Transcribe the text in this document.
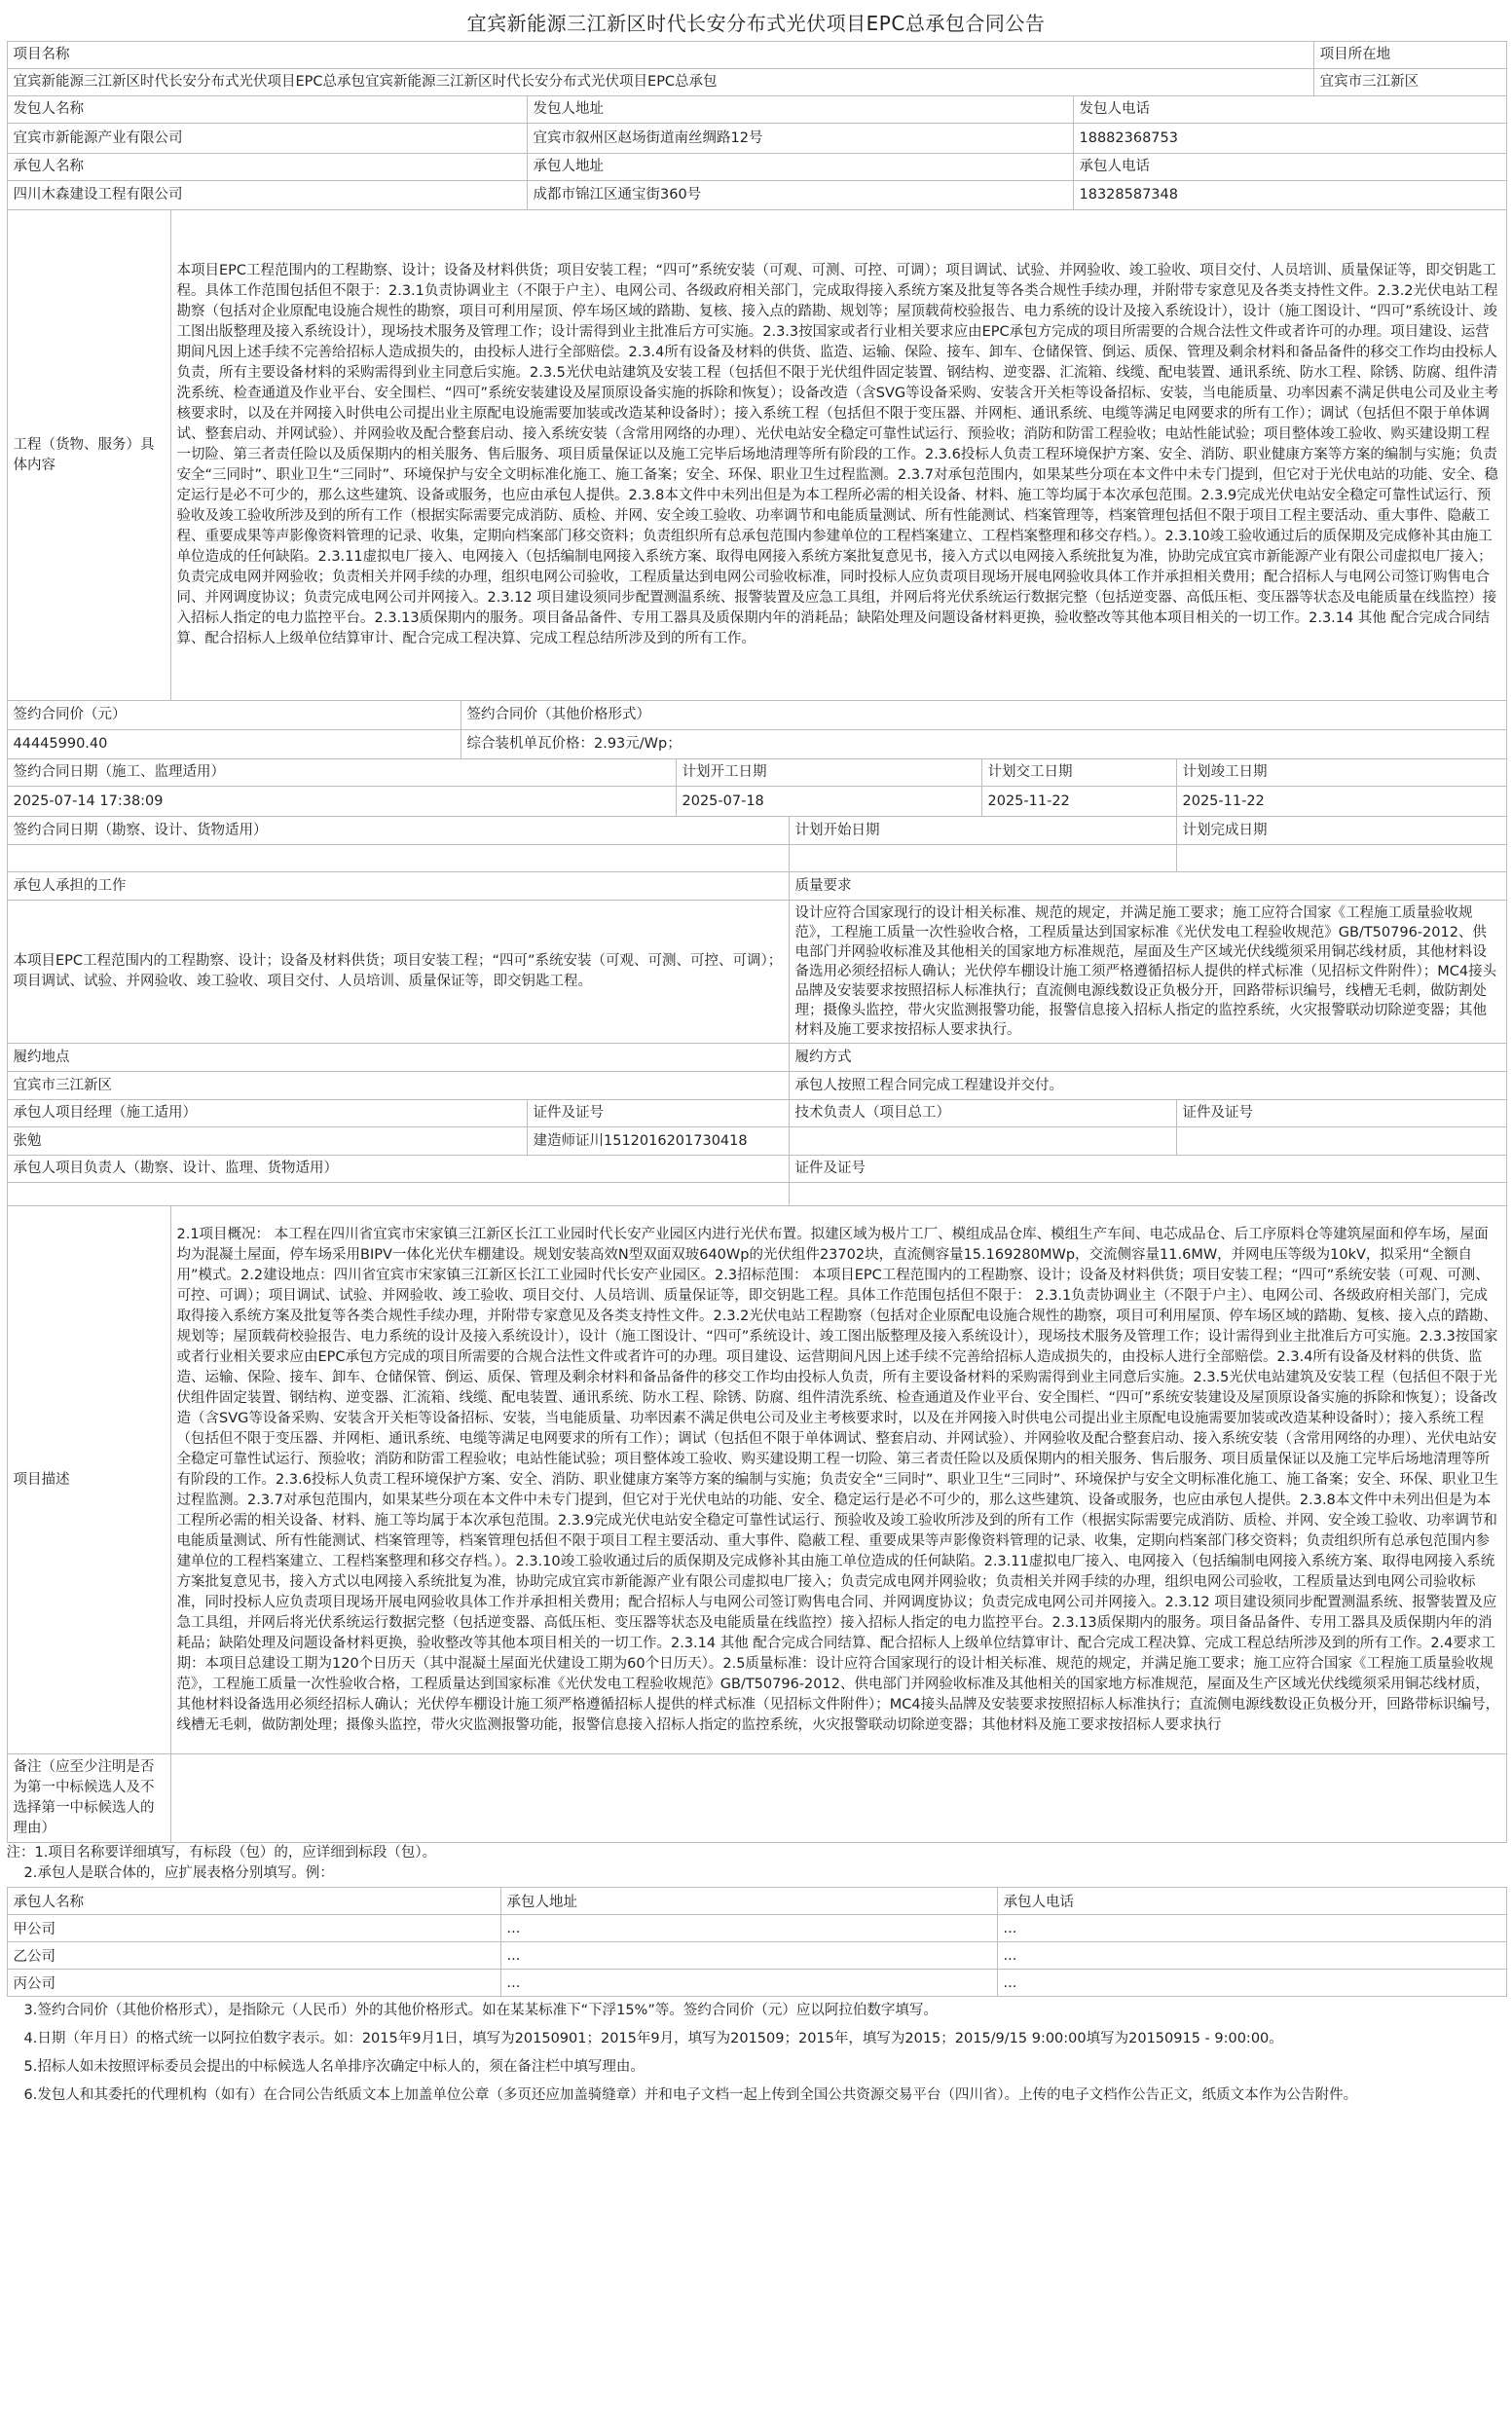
宜宾新能源三江新区时代长安分布式光伏项目EPC总承包合同公告
项目名称									项目所在地
宜宾新能源三江新区时代长安分布式光伏项目EPC总承包宜宾新能源三江新区时代长安分布式光伏项目EPC总承包									宜宾市三江新区
发包人名称			发包人地址				发包人电话		
宜宾市新能源产业有限公司			宜宾市叙州区赵场街道南丝绸路12号				18882368753		
承包人名称			承包人地址				承包人电话		
四川木森建设工程有限公司			成都市锦江区通宝街360号				18328587348		
工程（货物、服务）具体内容	本项目EPC工程范围内的工程勘察、设计；设备及材料供货；项目安装工程；“四可”系统安装（可观、可测、可控、可调）；项目调试、试验、并网验收、竣工验收、项目交付、人员培训、质量保证等，即交钥匙工程。具体工作范围包括但不限于：2.3.1负责协调业主（不限于户主）、电网公司、各级政府相关部门，完成取得接入系统方案及批复等各类合规性手续办理，并附带专家意见及各类支持性文件。2.3.2光伏电站工程勘察（包括对企业原配电设施合规性的勘察，项目可利用屋顶、停车场区域的踏勘、复核、接入点的踏勘、规划等；屋顶载荷校验报告、电力系统的设计及接入系统设计），设计（施工图设计、“四可”系统设计、竣工图出版整理及接入系统设计），现场技术服务及管理工作；设计需得到业主批准后方可实施。2.3.3按国家或者行业相关要求应由EPC承包方完成的项目所需要的合规合法性文件或者许可的办理。项目建设、运营期间凡因上述手续不完善给招标人造成损失的，由投标人进行全部赔偿。2.3.4所有设备及材料的供货、监造、运输、保险、接车、卸车、仓储保管、倒运、质保、管理及剩余材料和备品备件的移交工作均由投标人负责，所有主要设备材料的采购需得到业主同意后实施。2.3.5光伏电站建筑及安装工程（包括但不限于光伏组件固定装置、钢结构、逆变器、汇流箱、线缆、配电装置、通讯系统、防水工程、除锈、防腐、组件清洗系统、检查通道及作业平台、安全围栏、“四可”系统安装建设及屋顶原设备实施的拆除和恢复）；设备改造（含SVG等设备采购、安装含开关柜等设备招标、安装，当电能质量、功率因素不满足供电公司及业主考核要求时，以及在并网接入时供电公司提出业主原配电设施需要加装或改造某种设备时）；接入系统工程（包括但不限于变压器、并网柜、通讯系统、电缆等满足电网要求的所有工作）；调试（包括但不限于单体调试、整套启动、并网试验）、并网验收及配合整套启动、接入系统安装（含常用网络的办理）、光伏电站安全稳定可靠性试运行、预验收；消防和防雷工程验收；电站性能试验；项目整体竣工验收、购买建设期工程一切险、第三者责任险以及质保期内的相关服务、售后服务、项目质量保证以及施工完毕后场地清理等所有阶段的工作。2.3.6投标人负责工程环境保护方案、安全、消防、职业健康方案等方案的编制与实施；负责安全“三同时”、职业卫生“三同时”、环境保护与安全文明标准化施工、施工备案；安全、环保、职业卫生过程监测。2.3.7对承包范围内，如果某些分项在本文件中未专门提到，但它对于光伏电站的功能、安全、稳定运行是必不可少的，那么这些建筑、设备或服务，也应由承包人提供。2.3.8本文件中未列出但是为本工程所必需的相关设备、材料、施工等均属于本次承包范围。2.3.9完成光伏电站安全稳定可靠性试运行、预验收及竣工验收所涉及到的所有工作（根据实际需要完成消防、质检、并网、安全竣工验收、功率调节和电能质量测试、所有性能测试、档案管理等，档案管理包括但不限于项目工程主要活动、重大事件、隐蔽工程、重要成果等声影像资料管理的记录、收集，定期向档案部门移交资料；负责组织所有总承包范围内参建单位的工程档案建立、工程档案整理和移交存档。）。2.3.10竣工验收通过后的质保期及完成修补其由施工单位造成的任何缺陷。2.3.11虚拟电厂接入、电网接入（包括编制电网接入系统方案、取得电网接入系统方案批复意见书，接入方式以电网接入系统批复为准，协助完成宜宾市新能源产业有限公司虚拟电厂接入；负责完成电网并网验收；负责相关并网手续的办理，组织电网公司验收，工程质量达到电网公司验收标准，同时投标人应负责项目现场开展电网验收具体工作并承担相关费用；配合招标人与电网公司签订购售电合同、并网调度协议；负责完成电网公司并网接入。2.3.12 项目建设须同步配置测温系统、报警装置及应急工具组，并网后将光伏系统运行数据完整（包括逆变器、高低压柜、变压器等状态及电能质量在线监控）接入招标人指定的电力监控平台。2.3.13质保期内的服务。项目备品备件、专用工器具及质保期内年的消耗品；缺陷处理及问题设备材料更换，验收整改等其他本项目相关的一切工作。2.3.14 其他 配合完成合同结算、配合招标人上级单位结算审计、配合完成工程决算、完成工程总结所涉及到的所有工作。								
签约合同价（元）		签约合同价（其他价格形式）							
44445990.40		综合装机单瓦价格：2.93元/Wp；							
签约合同日期（施工、监理适用）				计划开工日期		计划交工日期		计划竣工日期	
2025-07-14 17:38:09				2025-07-18		2025-11-22		2025-11-22	
签约合同日期（勘察、设计、货物适用）					计划开始日期			计划完成日期	

承包人承担的工作					质量要求				
本项目EPC工程范围内的工程勘察、设计；设备及材料供货；项目安装工程；“四可”系统安装（可观、可测、可控、可调）；项目调试、试验、并网验收、竣工验收、项目交付、人员培训、质量保证等，即交钥匙工程。					设计应符合国家现行的设计相关标准、规范的规定，并满足施工要求；施工应符合国家《工程施工质量验收规范》，工程施工质量一次性验收合格，工程质量达到国家标准《光伏发电工程验收规范》GB/T50796-2012、供电部门并网验收标准及其他相关的国家地方标准规范，屋面及生产区域光伏线缆须采用铜芯线材质，其他材料设备选用必须经招标人确认；光伏停车棚设计施工须严格遵循招标人提供的样式标准（见招标文件附件）；MC4接头品牌及安装要求按照招标人标准执行；直流侧电源线数设正负极分开，回路带标识编号，线槽无毛刺，做防割处理；摄像头监控，带火灾监测报警功能，报警信息接入招标人指定的监控系统，火灾报警联动切除逆变器；其他材料及施工要求按招标人要求执行。				
履约地点					履约方式				
宜宾市三江新区					承包人按照工程合同完成工程建设并交付。				
承包人项目经理（施工适用）			证件及证号		技术负责人（项目总工）			证件及证号	
张勉			建造师证川1512016201730418						
承包人项目负责人（勘察、设计、监理、货物适用）					证件及证号				

项目描述	2.1项目概况： 本工程在四川省宜宾市宋家镇三江新区长江工业园时代长安产业园区内进行光伏布置。拟建区域为极片工厂、模组成品仓库、模组生产车间、电芯成品仓、后工序原料仓等建筑屋面和停车场，屋面均为混凝土屋面，停车场采用BIPV一体化光伏车棚建设。规划安装高效N型双面双玻640Wp的光伏组件23702块，直流侧容量15.169280MWp，交流侧容量11.6MW，并网电压等级为10kV，拟采用“全额自用”模式。2.2建设地点：四川省宜宾市宋家镇三江新区长江工业园时代长安产业园区。2.3招标范围： 本项目EPC工程范围内的工程勘察、设计；设备及材料供货；项目安装工程；“四可”系统安装（可观、可测、可控、可调）；项目调试、试验、并网验收、竣工验收、项目交付、人员培训、质量保证等，即交钥匙工程。具体工作范围包括但不限于： 2.3.1负责协调业主（不限于户主）、电网公司、各级政府相关部门，完成取得接入系统方案及批复等各类合规性手续办理，并附带专家意见及各类支持性文件。2.3.2光伏电站工程勘察（包括对企业原配电设施合规性的勘察，项目可利用屋顶、停车场区域的踏勘、复核、接入点的踏勘、规划等；屋顶载荷校验报告、电力系统的设计及接入系统设计），设计（施工图设计、“四可”系统设计、竣工图出版整理及接入系统设计），现场技术服务及管理工作；设计需得到业主批准后方可实施。2.3.3按国家或者行业相关要求应由EPC承包方完成的项目所需要的合规合法性文件或者许可的办理。项目建设、运营期间凡因上述手续不完善给招标人造成损失的，由投标人进行全部赔偿。2.3.4所有设备及材料的供货、监造、运输、保险、接车、卸车、仓储保管、倒运、质保、管理及剩余材料和备品备件的移交工作均由投标人负责，所有主要设备材料的采购需得到业主同意后实施。2.3.5光伏电站建筑及安装工程（包括但不限于光伏组件固定装置、钢结构、逆变器、汇流箱、线缆、配电装置、通讯系统、防水工程、除锈、防腐、组件清洗系统、检查通道及作业平台、安全围栏、“四可”系统安装建设及屋顶原设备实施的拆除和恢复）；设备改造（含SVG等设备采购、安装含开关柜等设备招标、安装，当电能质量、功率因素不满足供电公司及业主考核要求时，以及在并网接入时供电公司提出业主原配电设施需要加装或改造某种设备时）；接入系统工程（包括但不限于变压器、并网柜、通讯系统、电缆等满足电网要求的所有工作）；调试（包括但不限于单体调试、整套启动、并网试验）、并网验收及配合整套启动、接入系统安装（含常用网络的办理）、光伏电站安全稳定可靠性试运行、预验收；消防和防雷工程验收；电站性能试验；项目整体竣工验收、购买建设期工程一切险、第三者责任险以及质保期内的相关服务、售后服务、项目质量保证以及施工完毕后场地清理等所有阶段的工作。2.3.6投标人负责工程环境保护方案、安全、消防、职业健康方案等方案的编制与实施；负责安全“三同时”、职业卫生“三同时”、环境保护与安全文明标准化施工、施工备案；安全、环保、职业卫生过程监测。2.3.7对承包范围内，如果某些分项在本文件中未专门提到，但它对于光伏电站的功能、安全、稳定运行是必不可少的，那么这些建筑、设备或服务，也应由承包人提供。2.3.8本文件中未列出但是为本工程所必需的相关设备、材料、施工等均属于本次承包范围。2.3.9完成光伏电站安全稳定可靠性试运行、预验收及竣工验收所涉及到的所有工作（根据实际需要完成消防、质检、并网、安全竣工验收、功率调节和电能质量测试、所有性能测试、档案管理等，档案管理包括但不限于项目工程主要活动、重大事件、隐蔽工程、重要成果等声影像资料管理的记录、收集，定期向档案部门移交资料；负责组织所有总承包范围内参建单位的工程档案建立、工程档案整理和移交存档。）。2.3.10竣工验收通过后的质保期及完成修补其由施工单位造成的任何缺陷。2.3.11虚拟电厂接入、电网接入（包括编制电网接入系统方案、取得电网接入系统方案批复意见书，接入方式以电网接入系统批复为准，协助完成宜宾市新能源产业有限公司虚拟电厂接入；负责完成电网并网验收；负责相关并网手续的办理，组织电网公司验收，工程质量达到电网公司验收标准，同时投标人应负责项目现场开展电网验收具体工作并承担相关费用；配合招标人与电网公司签订购售电合同、并网调度协议；负责完成电网公司并网接入。2.3.12 项目建设须同步配置测温系统、报警装置及应急工具组，并网后将光伏系统运行数据完整（包括逆变器、高低压柜、变压器等状态及电能质量在线监控）接入招标人指定的电力监控平台。2.3.13质保期内的服务。项目备品备件、专用工器具及质保期内年的消耗品；缺陷处理及问题设备材料更换，验收整改等其他本项目相关的一切工作。2.3.14 其他 配合完成合同结算、配合招标人上级单位结算审计、配合完成工程决算、完成工程总结所涉及到的所有工作。2.4要求工期：本项目总建设工期为120个日历天（其中混凝土屋面光伏建设工期为60个日历天）。2.5质量标准：设计应符合国家现行的设计相关标准、规范的规定，并满足施工要求；施工应符合国家《工程施工质量验收规范》，工程施工质量一次性验收合格，工程质量达到国家标准《光伏发电工程验收规范》GB/T50796-2012、供电部门并网验收标准及其他相关的国家地方标准规范，屋面及生产区域光伏线缆须采用铜芯线材质，其他材料设备选用必须经招标人确认；光伏停车棚设计施工须严格遵循招标人提供的样式标准（见招标文件附件）；MC4接头品牌及安装要求按照招标人标准执行；直流侧电源线数设正负极分开，回路带标识编号，线槽无毛刺，做防割处理；摄像头监控，带火灾监测报警功能，报警信息接入招标人指定的监控系统，火灾报警联动切除逆变器；其他材料及施工要求按招标人要求执行								
备注（应至少注明是否为第一中标候选人及不选择第一中标候选人的理由）									

注：1.项目名称要详细填写，有标段（包）的，应详细到标段（包）。

2.承包人是联合体的，应扩展表格分别填写。例：

承包人名称	承包人地址	承包人电话
甲公司	...	...
乙公司	...	...
丙公司	...	...

3.签约合同价（其他价格形式），是指除元（人民币）外的其他价格形式。如在某某标准下“下浮15%”等。签约合同价（元）应以阿拉伯数字填写。

4.日期（年月日）的格式统一以阿拉伯数字表示。如：2015年9月1日，填写为20150901；2015年9月，填写为201509；2015年，填写为2015；2015/9/15 9:00:00填写为20150915 - 9:00:00。

5.招标人如未按照评标委员会提出的中标候选人名单排序次确定中标人的，须在备注栏中填写理由。

6.发包人和其委托的代理机构（如有）在合同公告纸质文本上加盖单位公章（多页还应加盖骑缝章）并和电子文档一起上传到全国公共资源交易平台（四川省）。上传的电子文档作公告正文，纸质文本作为公告附件。
